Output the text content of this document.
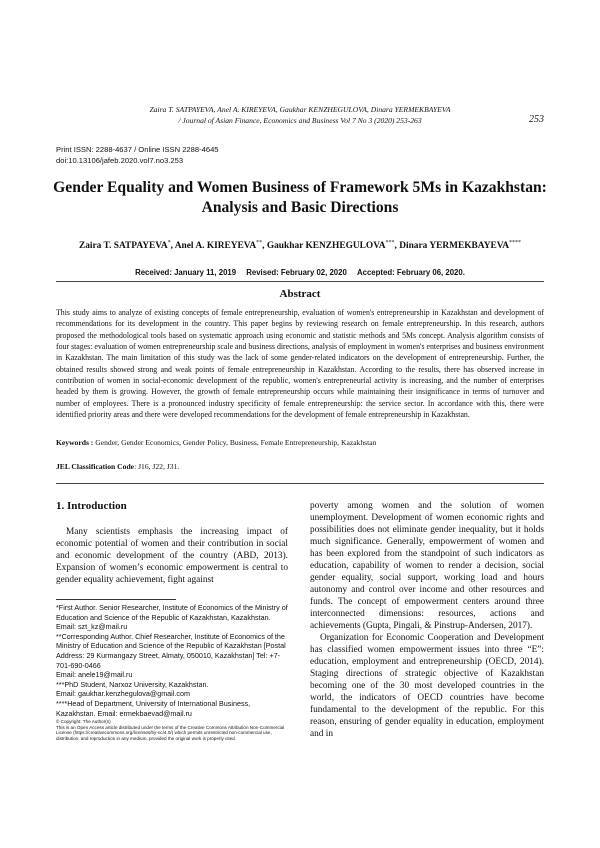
Zaira T. SATPAYEVA, Anel A. KIREYEVA, Gaukhar KENZHEGULOVA, Dinara YERMEKBAYEVA
/ Journal of Asian Finance, Economics and Business Vol 7 No 3 (2020) 253-263	253
Print ISSN: 2288-4637 / Online ISSN 2288-4645
doi:10.13106/jafeb.2020.vol7.no3.253
Gender Equality and Women Business of Framework 5Ms in Kazakhstan:
Analysis and Basic Directions
Zaira T. SATPAYEVA*, Anel A. KIREYEVA**, Gaukhar KENZHEGULOVA***, Dinara YERMEKBAYEVA****
Received: January 11, 2019 Revised: February 02, 2020 Accepted: February 06, 2020.
Abstract
This study aims to analyze of existing concepts of female entrepreneurship, evaluation of women's entrepreneurship in Kazakhstan and development of recommendations for its development in the country. This paper begins by reviewing research on female entrepreneurship. In this research, authors proposed the methodological tools based on systematic approach using economic and statistic methods and 5Ms concept. Analysis algorithm consists of four stages: evaluation of women entrepreneurship scale and business directions, analysis of employment in women's enterprises and business environment in Kazakhstan. The main limitation of this study was the lack of some gender-related indicators on the development of entrepreneurship. Further, the obtained results showed strong and weak points of female entrepreneurship in Kazakhstan. According to the results, there has observed increase in contribution of women in social-economic development of the republic, women's entrepreneurial activity is increasing, and the number of enterprises headed by them is growing. However, the growth of female entrepreneurship occurs while maintaining their insignificance in terms of turnover and number of employees. There is a pronounced industry specificity of female entrepreneurship: the service sector. In accordance with this, there were identified priority areas and there were developed recommendations for the development of female entrepreneurship in Kazakhstan.
Keywords : Gender, Gender Economics, Gender Policy, Business, Female Entrepreneurship, Kazakhstan
JEL Classification Code: J16, J22, J31.
1. Introduction

Many scientists emphasis the increasing impact of economic potential of women and their contribution in social and economic development of the country (ABD, 2013). Expansion of women’s economic empowerment is central to gender equality achievement, fight against

*First Author. Senior Researcher, Institute of Economics of the Ministry of Education and Science of the Republic of Kazakhstan, Kazakhstan. Email: szt_kz@mail.ru

**Corresponding Author. Chief Researcher, Institute of Economics of the Ministry of Education and Science of the Republic of Kazakhstan [Postal Address: 29 Kurmangazy Street, Almaty, 050010, Kazakhstan] Tel: +7-701-690-0466

Email: anele19@mail.ru

***PhD Student, Narxoz University, Kazakhstan.

Email: gaukhar.kenzhegulova@gmail.com

****Head of Department, University of International Business, Kazakhstan. Email: ermekbaevad@mail.ru

© Copyright: The Author(s)

This is an Open Access article distributed under the terms of the Creative Commons Attribution Non-Commercial License (https://creativecommons.org/licenses/by-nc/4.0/) which permits unrestricted non-commercial use, distribution, and reproduction in any medium, provided the original work is properly cited.

poverty among women and the solution of women unemployment. Development of women economic rights and possibilities does not eliminate gender inequality, but it holds much significance. Generally, empowerment of women and has been explored from the standpoint of such indicators as education, capability of women to render a decision, social gender equality, social support, working load and hours autonomy and control over income and other resources and funds. The concept of empowerment centers around three interconnected dimensions: resources, actions and achievements (Gupta, Pingali, & Pinstrup-Andersen, 2017).

Organization for Economic Cooperation and Development has classified women empowerment issues into three “E”: education, employment and entrepreneurship (OECD, 2014). Staging directions of strategic objective of Kazakhstan becoming one of the 30 most developed countries in the world, the indicators of OECD countries have become fundamental to the development of the republic. For this reason, ensuring of gender equality in education, employment and in
